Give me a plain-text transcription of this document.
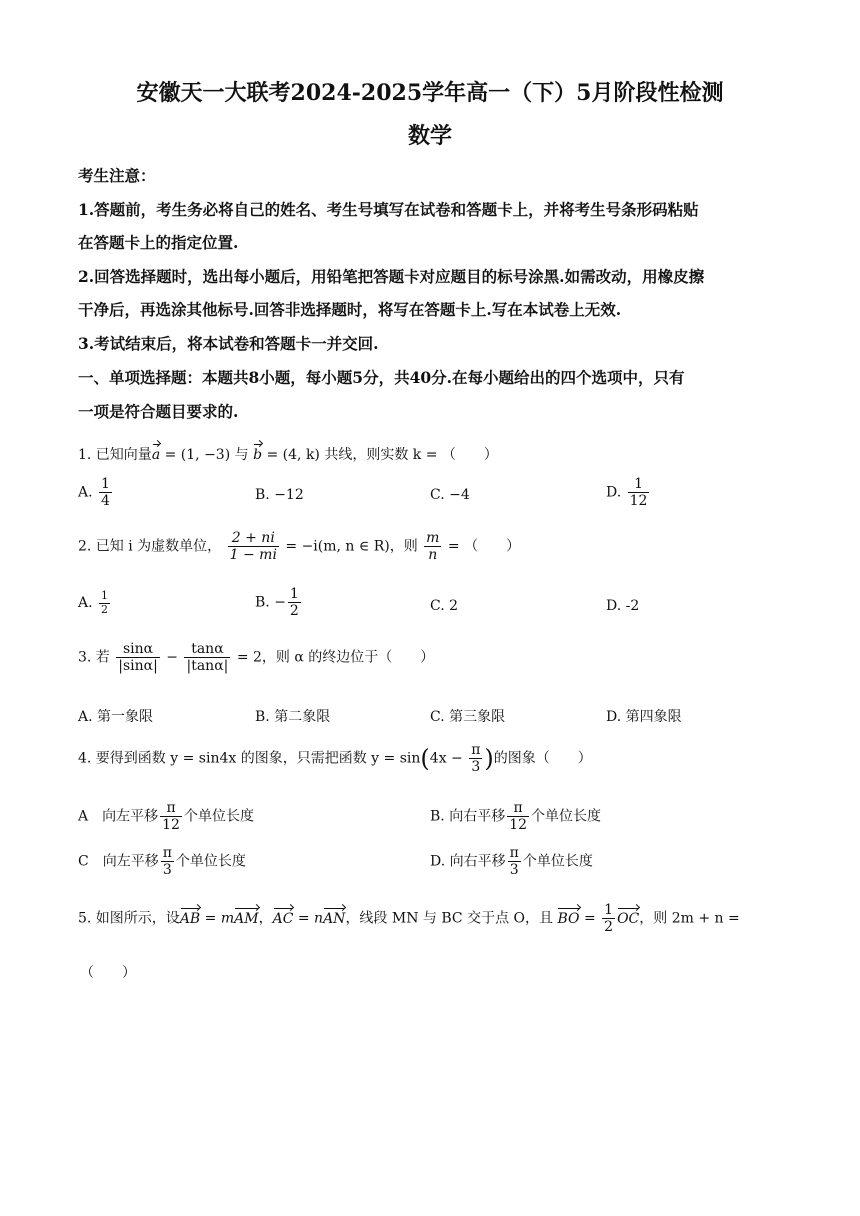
安徽天一大联考2024-2025学年高一（下）5月阶段性检测
数学
考生注意：
1.答题前，考生务必将自己的姓名、考生号填写在试卷和答题卡上，并将考生号条形码粘贴
在答题卡上的指定位置.
2.回答选择题时，选出每小题后，用铅笔把答题卡对应题目的标号涂黑.如需改动，用橡皮擦
干净后，再选涂其他标号.回答非选择题时，将写在答题卡上.写在本试卷上无效.
3.考试结束后，将本试卷和答题卡一并交回.
一、单项选择题：本题共8小题，每小题5分，共40分.在每小题给出的四个选项中，只有
一项是符合题目要求的.
1. 已知向量a = (1, −3) 与 b = (4, k) 共线，则实数 k = （　　）
A. $\frac{1}{4}$	B. −12	C. −4	D. $\frac{1}{12}$
2. 已知 i 为虚数单位， $\frac{2 + ni}{1 - mi} = -i(m$, n ∈ R)，则 $\frac{m}{n}$ = （　　）
A. $\frac{1}{2}$	B. − $\frac{1}{2}$	C. 2	D. -2
3. 若 $\frac{\sin\alpha}{|\sin\alpha|} - \frac{\tan\alpha}{|\tan\alpha|} = 2$，则 α 的终边位于（　　）
A. 第一象限	B. 第二象限	C. 第三象限	D. 第四象限
4. 要得到函数 y = sin4x 的图象，只需把函数 $y = \sin(4x - \frac{\pi}{3}$ )的图象（　　）
A　向左平移 $\frac{\pi}{12}$ 个单位长度	B. 向右平移 $\frac{\pi}{12}$ 个单位长度
C　向左平移 $\frac{\pi}{3}$ 个单位长度	D. 向右平移 $\frac{\pi}{3}$ 个单位长度
5. 如图所示，设AB = mAM，AC = nAN，线段 MN 与 BC 交于点 O，且 BO = $\frac{1}{2}$ OC，则 2m + n =
（　　）
